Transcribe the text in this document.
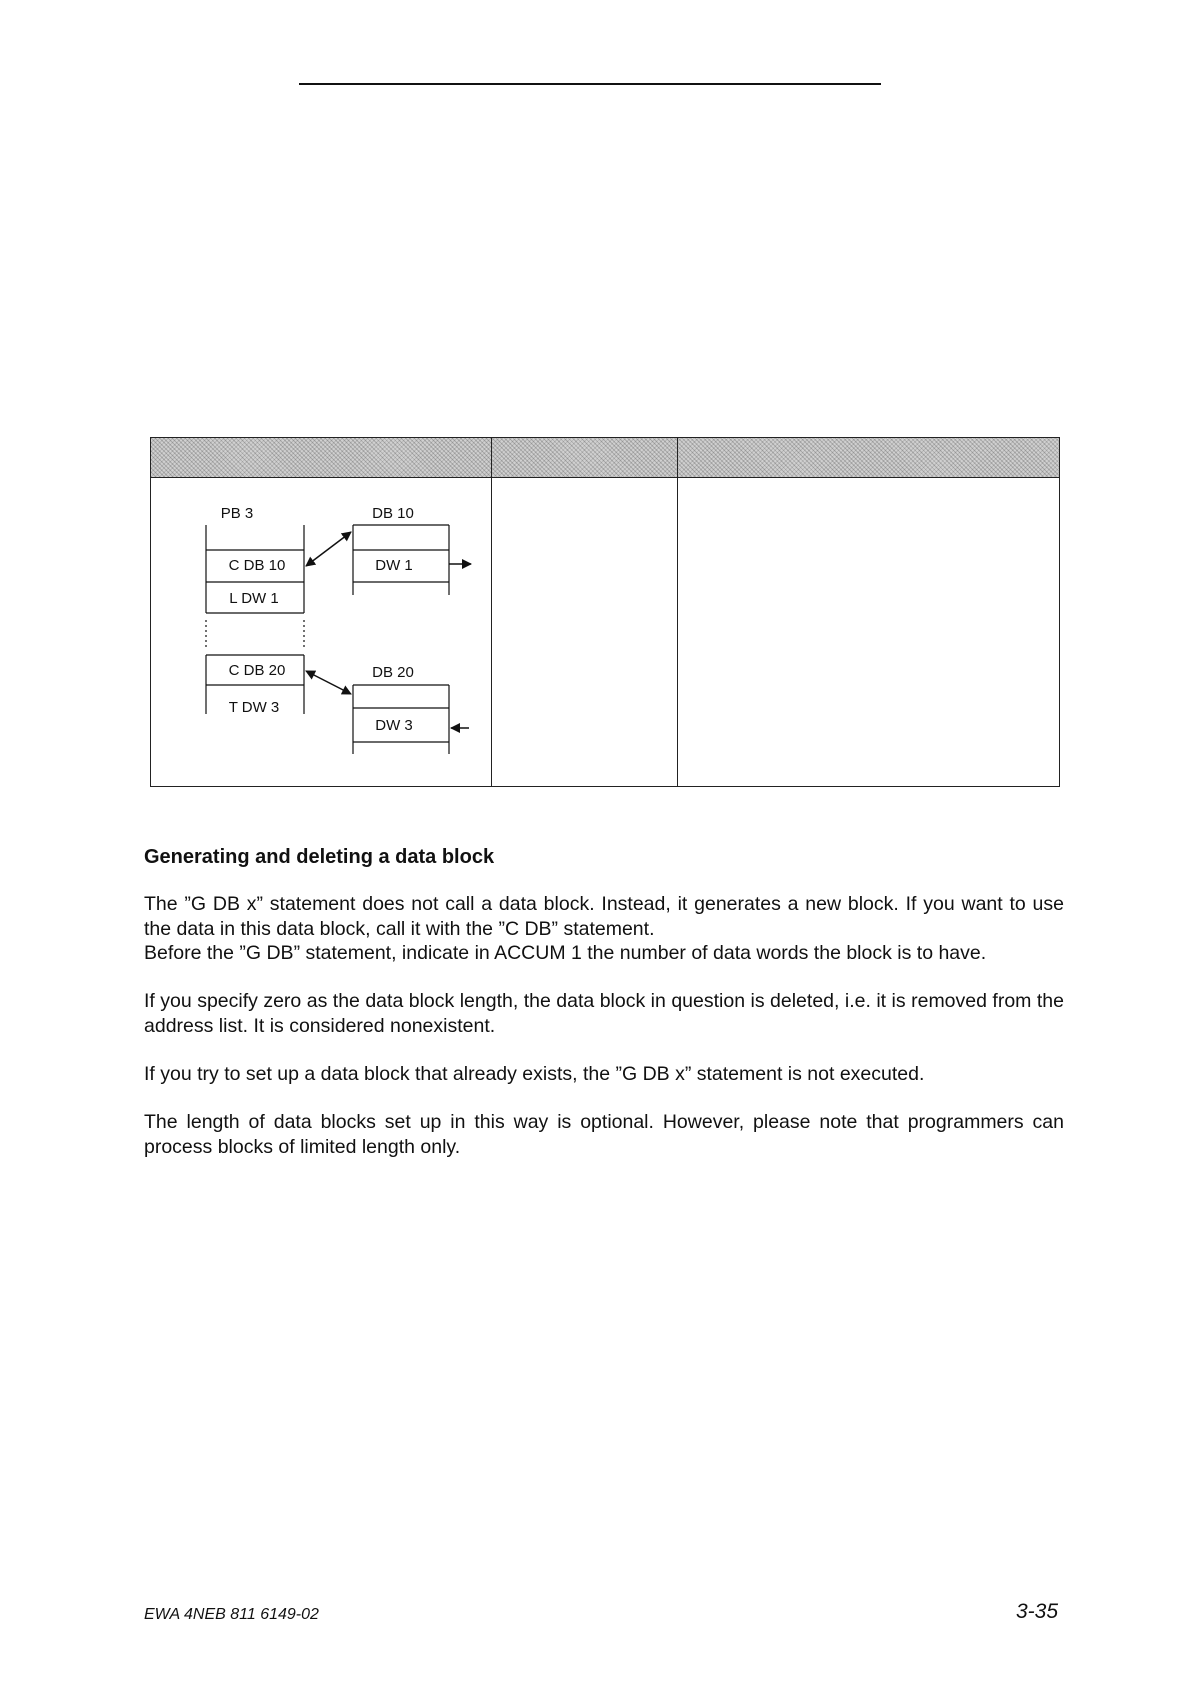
PB 3
C DB 10
L DW 1
C DB 20
T DW 3
DB 10
DW 1
DB 20
DW 3
Generating and deleting a data block

The ”G DB x” statement does not call a data block. Instead, it generates a new block. If you want to use the data in this data block, call it with the ”C DB” statement.
Before the ”G DB” statement, indicate in ACCUM 1 the number of data words the block is to have.

If you specify zero as the data block length, the data block in question is deleted, i.e. it is removed from the address list. It is considered nonexistent.

If you try to set up a data block that already exists, the ”G DB x” statement is not executed.

The length of data blocks set up in this way is optional. However, please note that programmers can process blocks of limited length only.

EWA 4NEB 811 6149-02	3-35
